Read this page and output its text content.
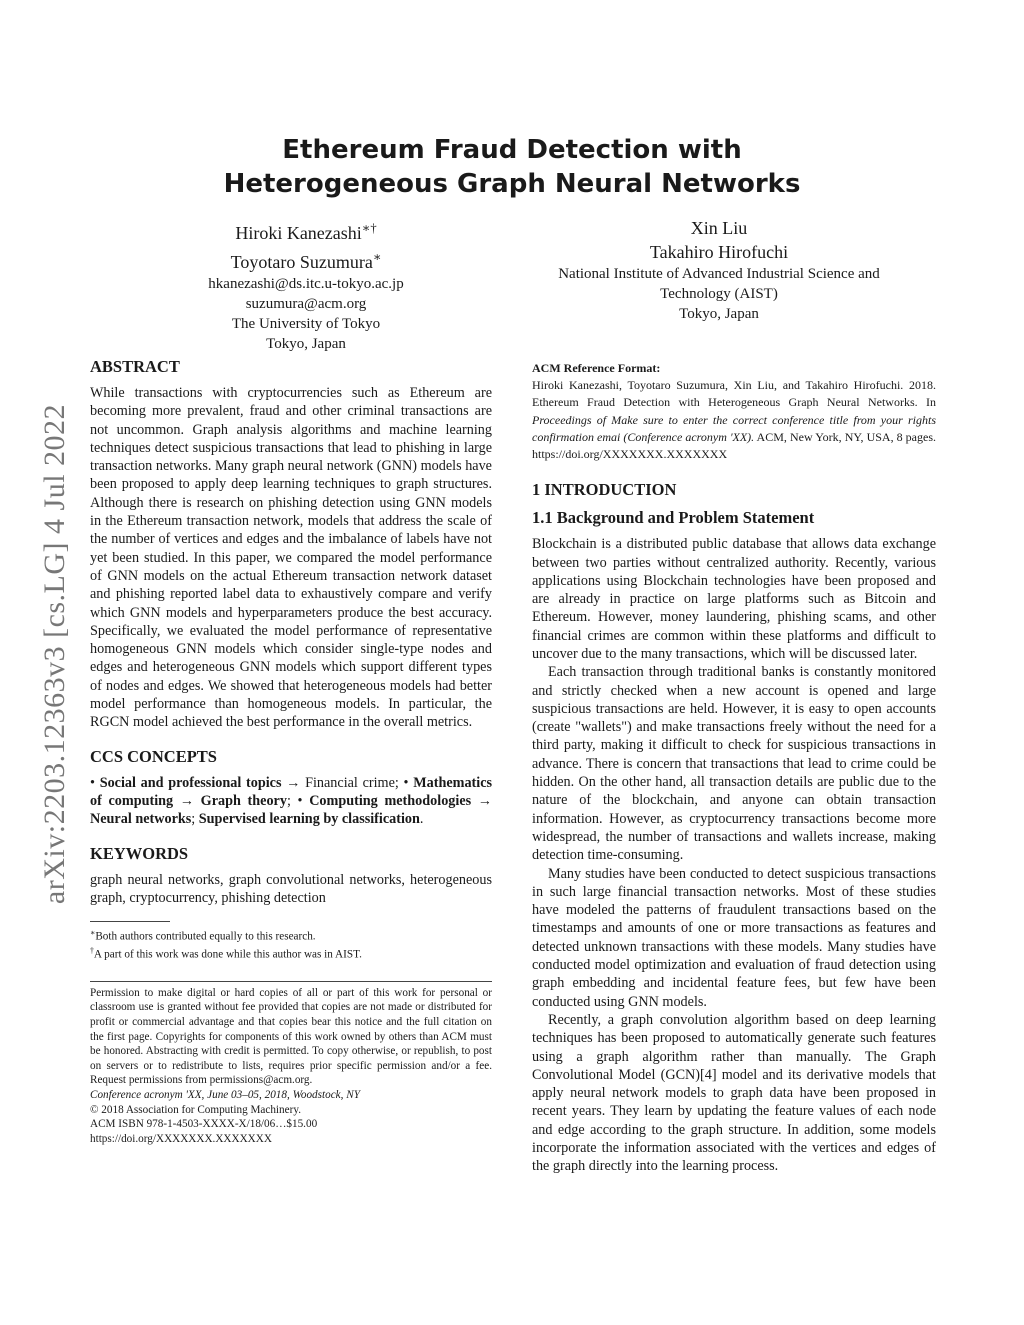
Ethereum Fraud Detection with
Heterogeneous Graph Neural Networks
Hiroki Kanezashi∗†
Toyotaro Suzumura∗
hkanezashi@ds.itc.u-tokyo.ac.jp
suzumura@acm.org
The University of Tokyo
Tokyo, Japan
Xin Liu
Takahiro Hirofuchi
National Institute of Advanced Industrial Science and
Technology (AIST)
Tokyo, Japan
arXiv:2203.12363v3 [cs.LG] 4 Jul 2022
ABSTRACT

While transactions with cryptocurrencies such as Ethereum are becoming more prevalent, fraud and other criminal transactions are not uncommon. Graph analysis algorithms and machine learning techniques detect suspicious transactions that lead to phishing in large transaction networks. Many graph neural network (GNN) models have been proposed to apply deep learning techniques to graph structures. Although there is research on phishing detection using GNN models in the Ethereum transaction network, models that address the scale of the number of vertices and edges and the imbalance of labels have not yet been studied. In this paper, we compared the model performance of GNN models on the actual Ethereum transaction network dataset and phishing reported label data to exhaustively compare and verify which GNN models and hyperparameters produce the best accuracy. Specifically, we evaluated the model performance of representative homogeneous GNN models which consider single-type nodes and edges and heterogeneous GNN models which support different types of nodes and edges. We showed that heterogeneous models had better model performance than homogeneous models. In particular, the RGCN model achieved the best performance in the overall metrics.

CCS CONCEPTS

• Social and professional topics → Financial crime; • Mathematics of computing → Graph theory; • Computing methodologies → Neural networks; Supervised learning by classification.

KEYWORDS

graph neural networks, graph convolutional networks, heterogeneous graph, cryptocurrency, phishing detection

∗Both authors contributed equally to this research.
†A part of this work was done while this author was in AIST.

Permission to make digital or hard copies of all or part of this work for personal or classroom use is granted without fee provided that copies are not made or distributed for profit or commercial advantage and that copies bear this notice and the full citation on the first page. Copyrights for components of this work owned by others than ACM must be honored. Abstracting with credit is permitted. To copy otherwise, or republish, to post on servers or to redistribute to lists, requires prior specific permission and/or a fee. Request permissions from permissions@acm.org.

Conference acronym 'XX, June 03–05, 2018, Woodstock, NY
© 2018 Association for Computing Machinery.
ACM ISBN 978-1-4503-XXXX-X/18/06…$15.00
https://doi.org/XXXXXXX.XXXXXXX
ACM Reference Format:

Hiroki Kanezashi, Toyotaro Suzumura, Xin Liu, and Takahiro Hirofuchi. 2018. Ethereum Fraud Detection with Heterogeneous Graph Neural Networks. In Proceedings of Make sure to enter the correct conference title from your rights confirmation emai (Conference acronym 'XX). ACM, New York, NY, USA, 8 pages. https://doi.org/XXXXXXX.XXXXXXX

1 INTRODUCTION
1.1 Background and Problem Statement

Blockchain is a distributed public database that allows data exchange between two parties without centralized authority. Recently, various applications using Blockchain technologies have been proposed and are already in practice on large platforms such as Bitcoin and Ethereum. However, money laundering, phishing scams, and other financial crimes are common within these platforms and difficult to uncover due to the many transactions, which will be discussed later.

Each transaction through traditional banks is constantly monitored and strictly checked when a new account is opened and large suspicious transactions are held. However, it is easy to open accounts (create "wallets") and make transactions freely without the need for a third party, making it difficult to check for suspicious transactions in advance. There is concern that transactions that lead to crime could be hidden. On the other hand, all transaction details are public due to the nature of the blockchain, and anyone can obtain transaction information. However, as cryptocurrency transactions become more widespread, the number of transactions and wallets increase, making detection time-consuming.

Many studies have been conducted to detect suspicious transactions in such large financial transaction networks. Most of these studies have modeled the patterns of fraudulent transactions based on the timestamps and amounts of one or more transactions as features and detected unknown transactions with these models. Many studies have conducted model optimization and evaluation of fraud detection using graph embedding and incidental feature fees, but few have been conducted using GNN models.

Recently, a graph convolution algorithm based on deep learning techniques has been proposed to automatically generate such features using a graph algorithm rather than manually. The Graph Convolutional Model (GCN)[4] model and its derivative models that apply neural network models to graph data have been proposed in recent years. They learn by updating the feature values of each node and edge according to the graph structure. In addition, some models incorporate the information associated with the vertices and edges of the graph directly into the learning process.
